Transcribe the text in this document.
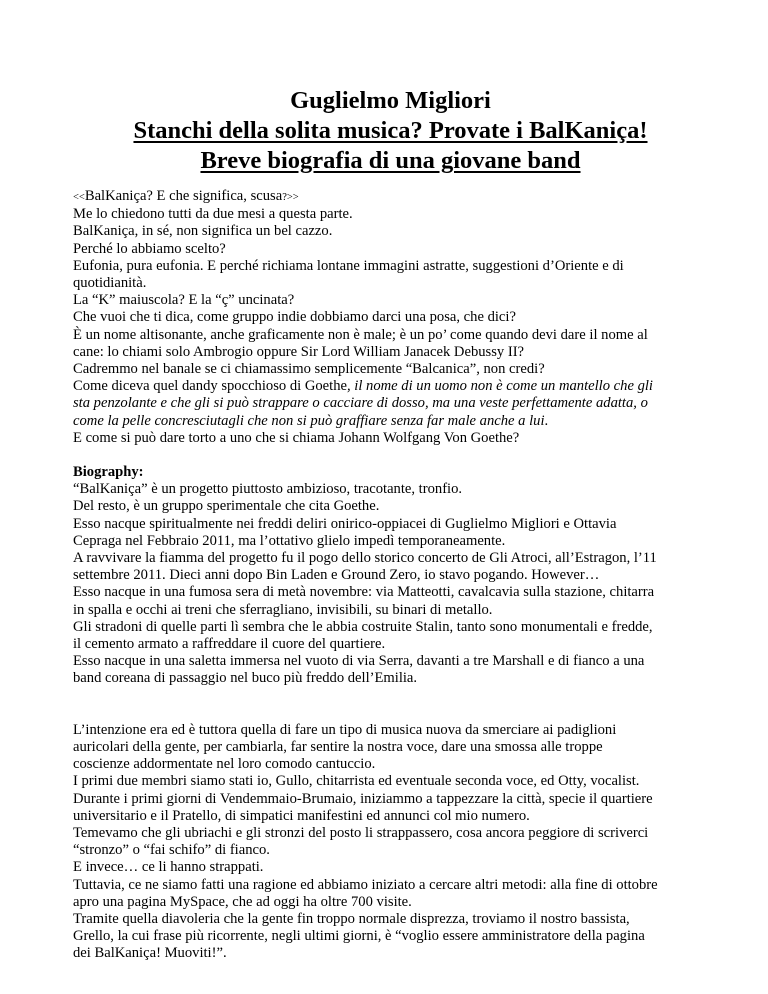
Guglielmo Migliori

Stanchi della solita musica? Provate i BalKaniça!

Breve biografia di una giovane band

<<BalKaniça? E che significa, scusa?>>

Me lo chiedono tutti da due mesi a questa parte.

BalKaniça, in sé, non significa un bel cazzo.

Perché lo abbiamo scelto?

Eufonia, pura eufonia. E perché richiama lontane immagini astratte, suggestioni d’Oriente e di

quotidianità.

La “K” maiuscola? E la “ç” uncinata?

Che vuoi che ti dica, come gruppo indie dobbiamo darci una posa, che dici?

È un nome altisonante, anche graficamente non è male; è un po’ come quando devi dare il nome al

cane: lo chiami solo Ambrogio oppure Sir Lord William Janacek Debussy II?

Cadremmo nel banale se ci chiamassimo semplicemente “Balcanica”, non credi?

Come diceva quel dandy spocchioso di Goethe, il nome di un uomo non è come un mantello che gli

sta penzolante e che gli si può strappare o cacciare di dosso, ma una veste perfettamente adatta, o

come la pelle concresciutagli che non si può graffiare senza far male anche a lui.

E come si può dare torto a uno che si chiama Johann Wolfgang Von Goethe?

Biography:

“BalKaniça” è un progetto piuttosto ambizioso, tracotante, tronfio.

Del resto, è un gruppo sperimentale che cita Goethe.

Esso nacque spiritualmente nei freddi deliri onirico-oppiacei di Guglielmo Migliori e Ottavia

Cepraga nel Febbraio 2011, ma l’ottativo glielo impedì temporaneamente.

A ravvivare la fiamma del progetto fu il pogo dello storico concerto de Gli Atroci, all’Estragon, l’11

settembre 2011. Dieci anni dopo Bin Laden e Ground Zero, io stavo pogando. However…

Esso nacque in una fumosa sera di metà novembre: via Matteotti, cavalcavia sulla stazione, chitarra

in spalla e occhi ai treni che sferragliano, invisibili, su binari di metallo.

Gli stradoni di quelle parti lì sembra che le abbia costruite Stalin, tanto sono monumentali e fredde,

il cemento armato a raffreddare il cuore del quartiere.

Esso nacque in una saletta immersa nel vuoto di via Serra, davanti a tre Marshall e di fianco a una

band coreana di passaggio nel buco più freddo dell’Emilia.

L’intenzione era ed è tuttora quella di fare un tipo di musica nuova da smerciare ai padiglioni

auricolari della gente, per cambiarla, far sentire la nostra voce, dare una smossa alle troppe

coscienze addormentate nel loro comodo cantuccio.

I primi due membri siamo stati io, Gullo, chitarrista ed eventuale seconda voce, ed Otty, vocalist.

Durante i primi giorni di Vendemmaio-Brumaio, iniziammo a tappezzare la città, specie il quartiere

universitario e il Pratello, di simpatici manifestini ed annunci col mio numero.

Temevamo che gli ubriachi e gli stronzi del posto li strappassero, cosa ancora peggiore di scriverci

“stronzo” o “fai schifo” di fianco.

E invece… ce li hanno strappati.

Tuttavia, ce ne siamo fatti una ragione ed abbiamo iniziato a cercare altri metodi: alla fine di ottobre

apro una pagina MySpace, che ad oggi ha oltre 700 visite.

Tramite quella diavoleria che la gente fin troppo normale disprezza, troviamo il nostro bassista,

Grello, la cui frase più ricorrente, negli ultimi giorni, è “voglio essere amministratore della pagina

dei BalKaniça! Muoviti!”.
